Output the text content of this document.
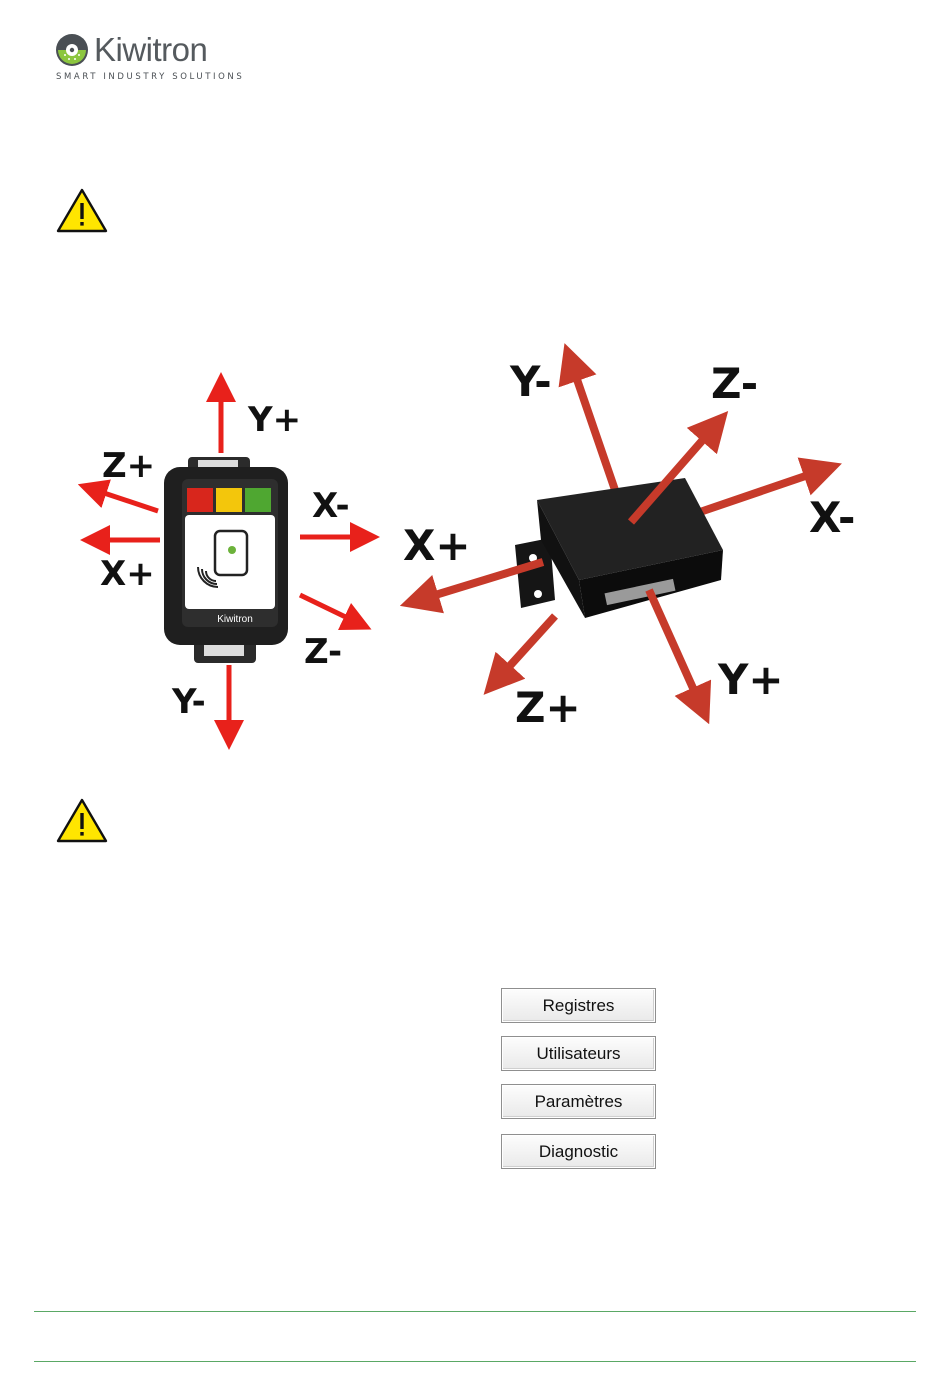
Kiwitron
SMART INDUSTRY SOLUTIONS
Kiwitron
Y+
Z+
X-
X+
Z-
Y-
Y-	Z-
X-
X+
Y+
Z+
Registres
Utilisateurs
Paramètres
Diagnostic
